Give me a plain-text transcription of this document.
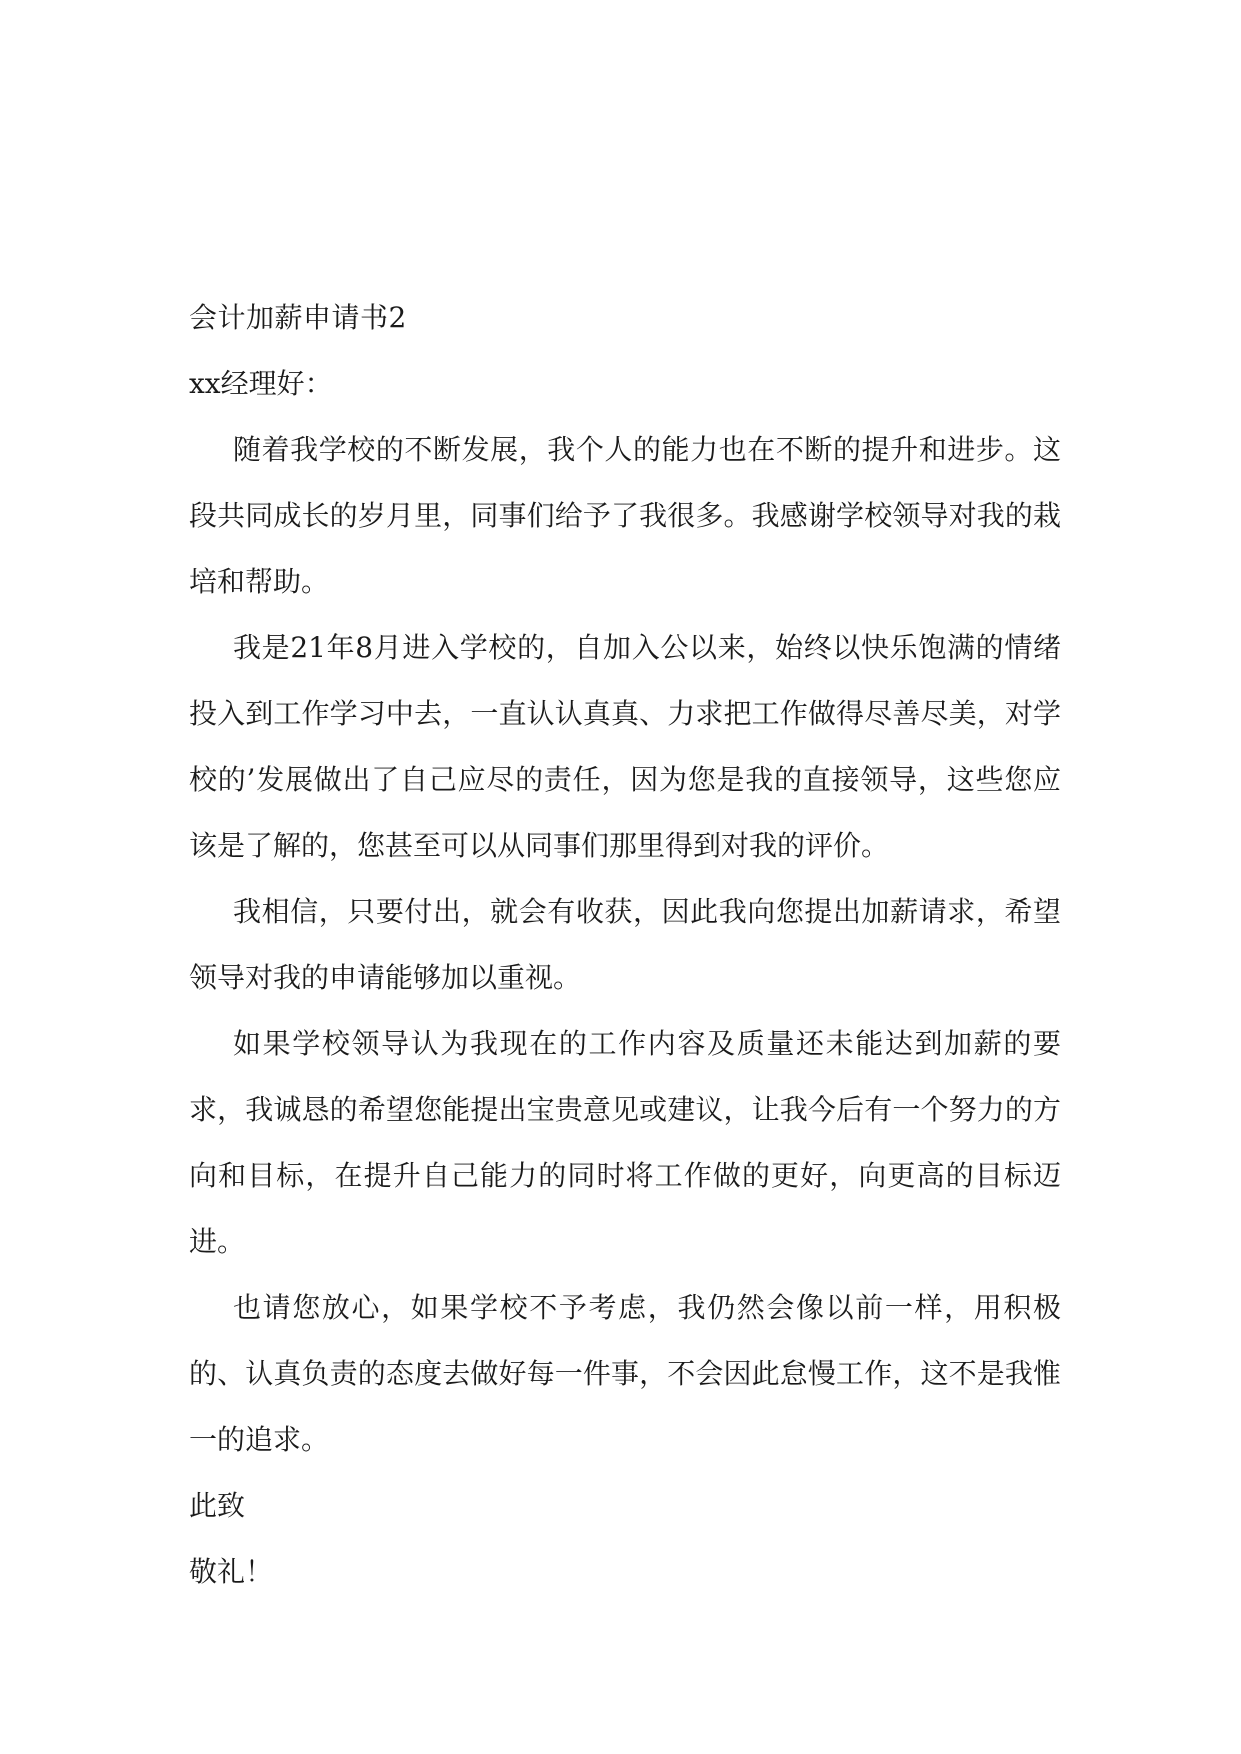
会计加薪申请书2

xx经理好：

随着我学校的不断发展，我个人的能力也在不断的提升和进步。这段共同成长的岁月里，同事们给予了我很多。我感谢学校领导对我的栽培和帮助。

我是21年8月进入学校的，自加入公以来，始终以快乐饱满的情绪投入到工作学习中去，一直认认真真、力求把工作做得尽善尽美，对学校的’发展做出了自己应尽的责任，因为您是我的直接领导，这些您应该是了解的，您甚至可以从同事们那里得到对我的评价。

我相信，只要付出，就会有收获，因此我向您提出加薪请求，希望领导对我的申请能够加以重视。

如果学校领导认为我现在的工作内容及质量还未能达到加薪的要求，我诚恳的希望您能提出宝贵意见或建议，让我今后有一个努力的方向和目标，在提升自己能力的同时将工作做的更好，向更高的目标迈进。

也请您放心，如果学校不予考虑，我仍然会像以前一样，用积极的、认真负责的态度去做好每一件事，不会因此怠慢工作，这不是我惟一的追求。

此致

敬礼！
